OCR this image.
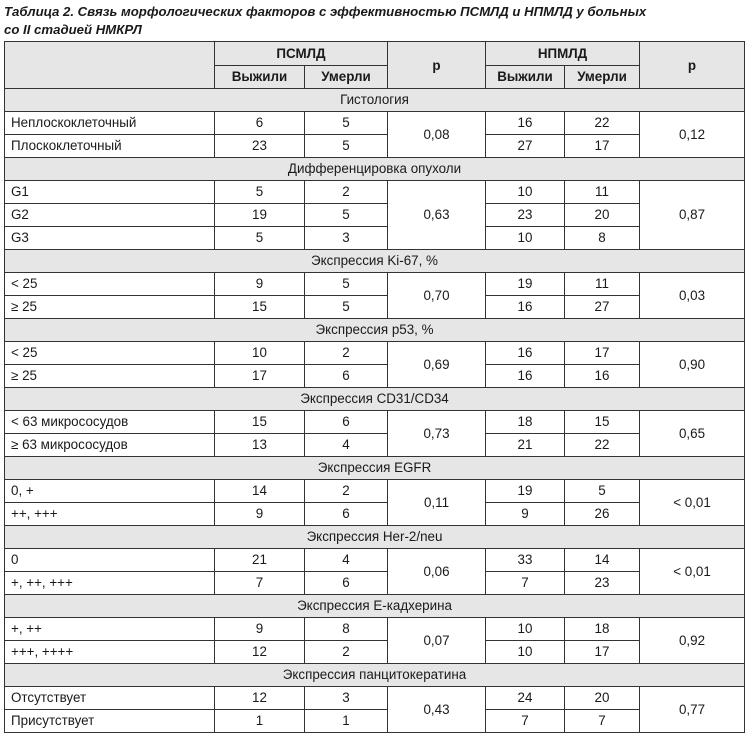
Таблица 2. Связь морфологических факторов с эффективностью ПСМЛД и НПМЛД у больных
со II стадией НМКРЛ
	ПСМЛД		p	НПМЛД		p
	Выжили	Умерли		Выжили	Умерли	
Гистология						
Неплоскоклеточный	6	5	0,08	16	22	0,12
Плоскоклеточный	23	5		27	17	
Дифференцировка опухоли						
G1	5	2	0,63	10	11	0,87
G2	19	5		23	20	
G3	5	3		10	8	
Экспрессия Ki-67, %						
< 25	9	5	0,70	19	11	0,03
≥ 25	15	5		16	27	
Экспрессия р53, %						
< 25	10	2	0,69	16	17	0,90
≥ 25	17	6		16	16	
Экспрессия CD31/CD34						
< 63 микрососудов	15	6	0,73	18	15	0,65
≥ 63 микрососудов	13	4		21	22	
Экспрессия EGFR						
0, +	14	2	0,11	19	5	< 0,01
++, +++	9	6		9	26	
Экспрессия Her-2/neu						
0	21	4	0,06	33	14	< 0,01
+, ++, +++	7	6		7	23	
Экспрессия Е-кадхерина						
+, ++	9	8	0,07	10	18	0,92
+++, ++++	12	2		10	17	
Экспрессия панцитокератина						
Отсутствует	12	3	0,43	24	20	0,77
Присутствует	1	1		7	7	
